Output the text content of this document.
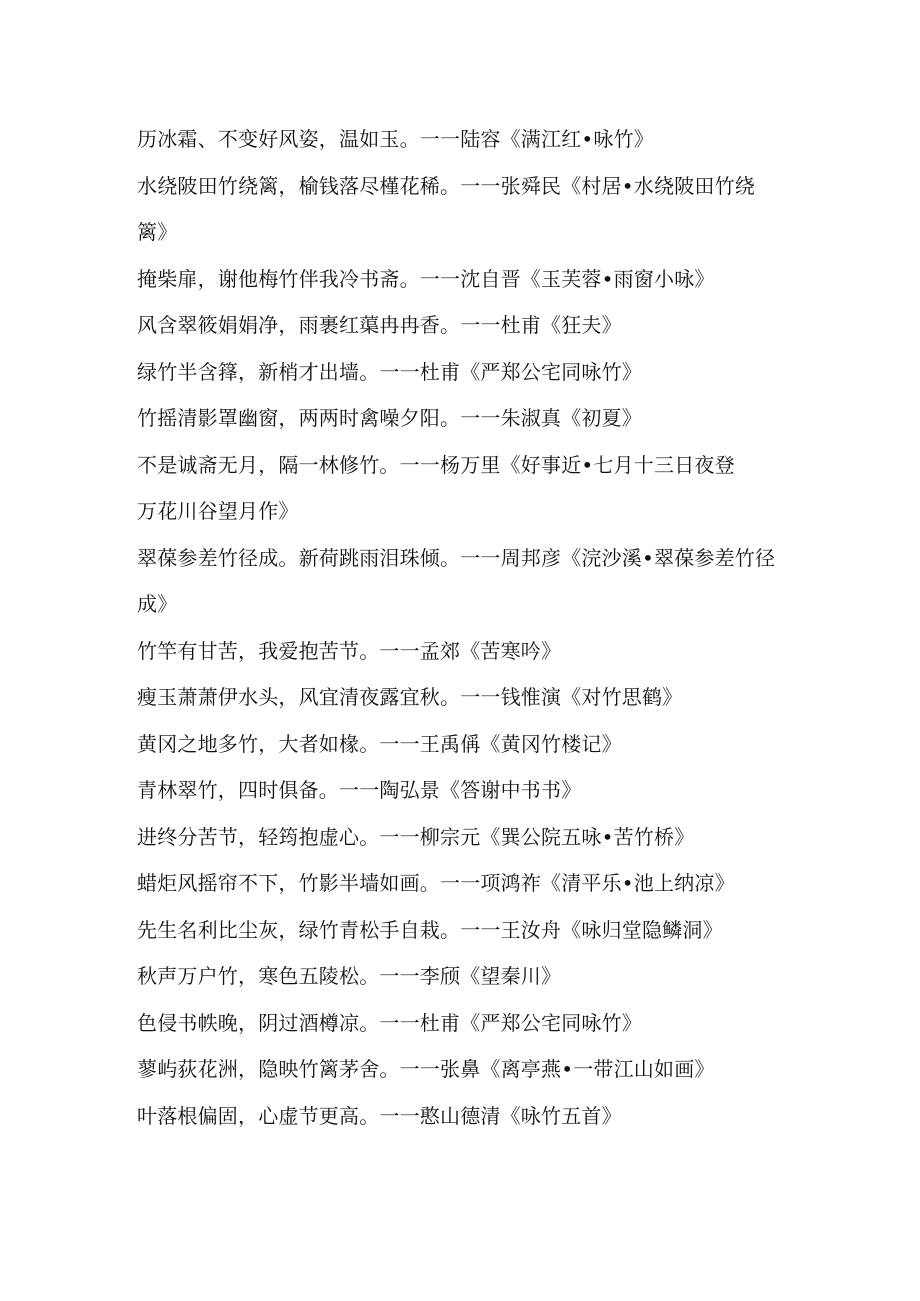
历冰霜、不变好风姿，温如玉。一一陆容《满江红•咏竹》
水绕陂田竹绕篱，榆钱落尽槿花稀。一一张舜民《村居•水绕陂田竹绕
篱》
掩柴扉，谢他梅竹伴我冷书斋。一一沈自晋《玉芙蓉•雨窗小咏》
风含翠筱娟娟净，雨裹红蕖冉冉香。一一杜甫《狂夫》
绿竹半含箨，新梢才出墙。一一杜甫《严郑公宅同咏竹》
竹摇清影罩幽窗，两两时禽噪夕阳。一一朱淑真《初夏》
不是诚斋无月，隔一林修竹。一一杨万里《好事近•七月十三日夜登
万花川谷望月作》
翠葆参差竹径成。新荷跳雨泪珠倾。一一周邦彦《浣沙溪•翠葆参差竹径
成》
竹竿有甘苦，我爱抱苦节。一一孟郊《苦寒吟》
瘦玉萧萧伊水头，风宜清夜露宜秋。一一钱惟演《对竹思鹤》
黄冈之地多竹，大者如椽。一一王禹偁《黄冈竹楼记》
青林翠竹，四时俱备。一一陶弘景《答谢中书书》
进终分苦节，轻筠抱虚心。一一柳宗元《巽公院五咏•苦竹桥》
蜡炬风摇帘不下，竹影半墙如画。一一项鸿祚《清平乐•池上纳凉》
先生名利比尘灰，绿竹青松手自栽。一一王汝舟《咏归堂隐鳞洞》
秋声万户竹，寒色五陵松。一一李颀《望秦川》
色侵书帙晚，阴过酒樽凉。一一杜甫《严郑公宅同咏竹》
蓼屿荻花洲，隐映竹篱茅舍。一一张鼻《离亭燕•一带江山如画》
叶落根偏固，心虚节更高。一一憨山德清《咏竹五首》
